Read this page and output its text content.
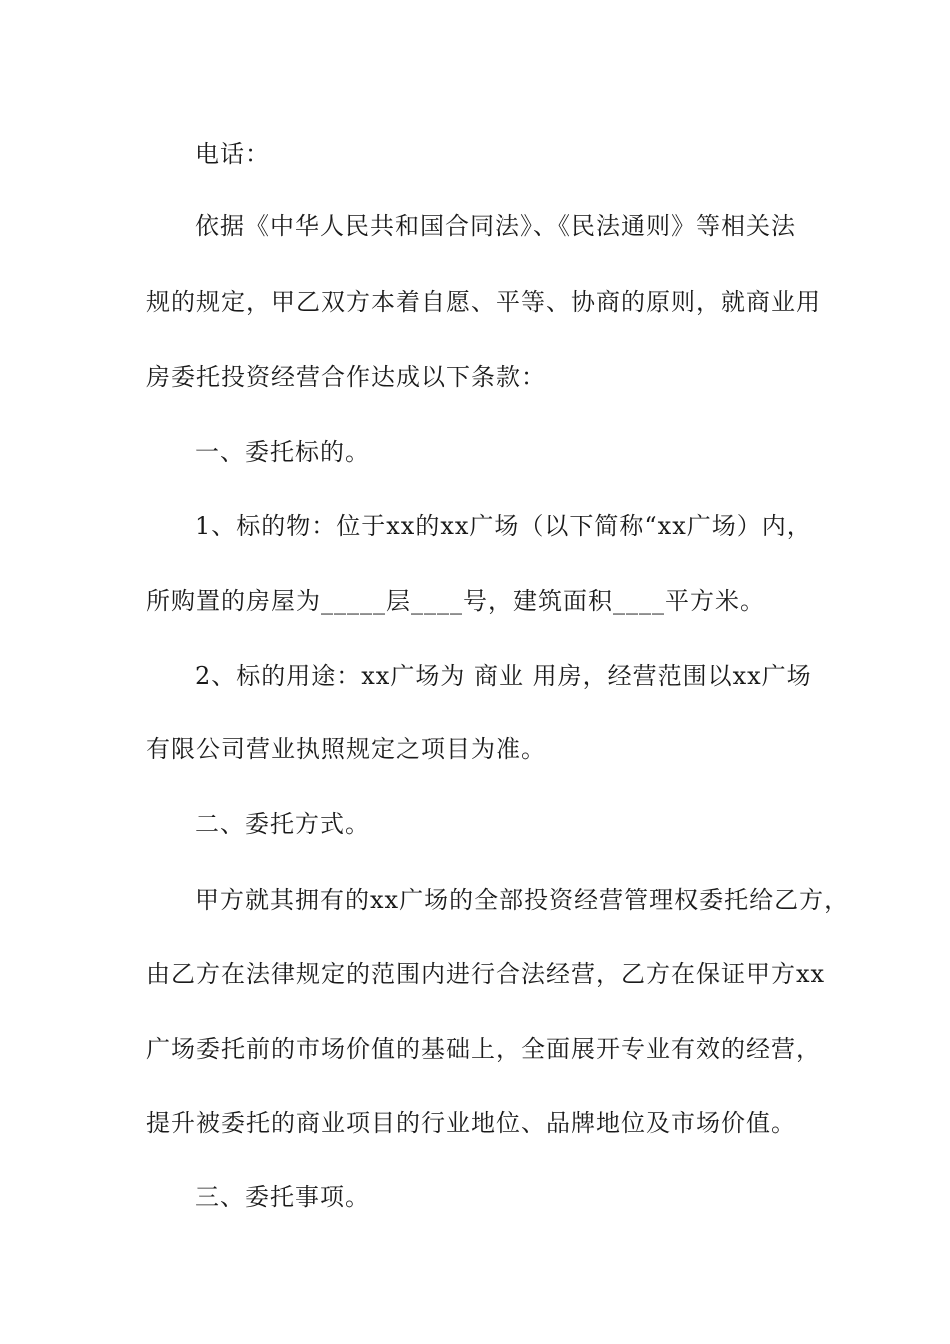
电话：
依据《中华人民共和国合同法》、《民法通则》等相关法
规的规定，甲乙双方本着自愿、平等、协商的原则，就商业用
房委托投资经营合作达成以下条款：
一、委托标的。
1、标的物：位于xx的xx广场（以下简称“xx广场）内，
所购置的房屋为_____层____号，建筑面积____平方米。
2、标的用途：xx广场为 商业 用房，经营范围以xx广场
有限公司营业执照规定之项目为准。
二、委托方式。
甲方就其拥有的xx广场的全部投资经营管理权委托给乙方，
由乙方在法律规定的范围内进行合法经营，乙方在保证甲方xx
广场委托前的市场价值的基础上，全面展开专业有效的经营，
提升被委托的商业项目的行业地位、品牌地位及市场价值。
三、委托事项。
